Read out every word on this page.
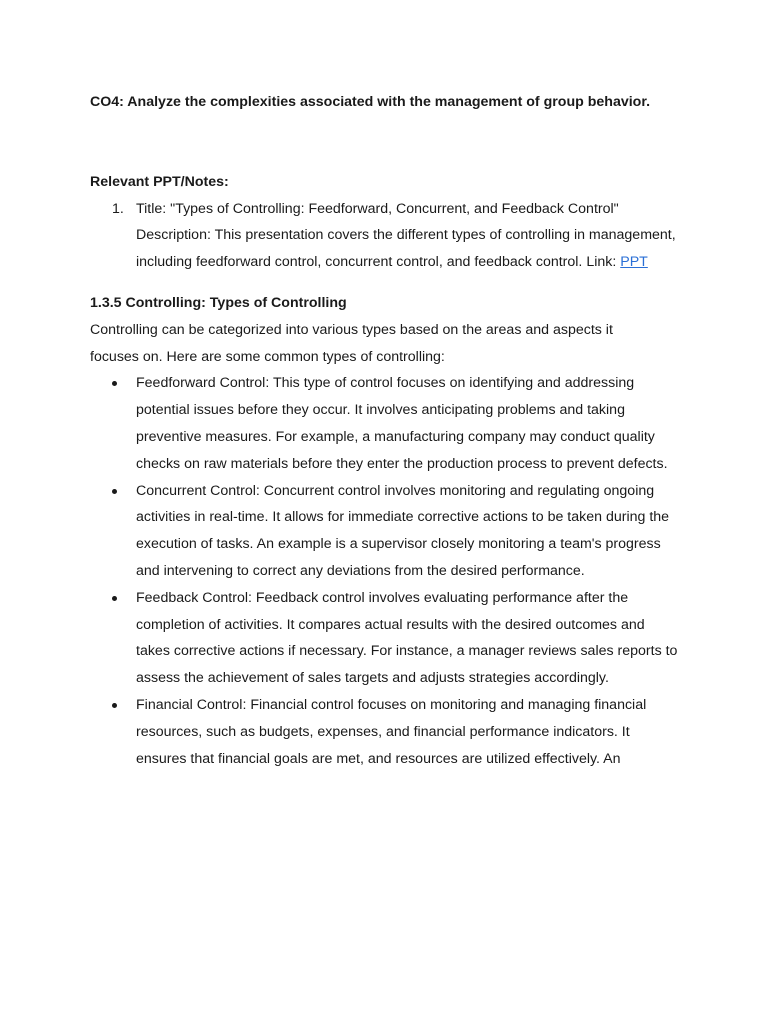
CO4: Analyze the complexities associated with the management of group behavior.

Relevant PPT/Notes:

1. Title: "Types of Controlling: Feedforward, Concurrent, and Feedback Control" Description: This presentation covers the different types of controlling in management, including feedforward control, concurrent control, and feedback control. Link: PPT

1.3.5 Controlling: Types of Controlling

Controlling can be categorized into various types based on the areas and aspects it focuses on. Here are some common types of controlling:

Feedforward Control: This type of control focuses on identifying and addressing potential issues before they occur. It involves anticipating problems and taking preventive measures. For example, a manufacturing company may conduct quality checks on raw materials before they enter the production process to prevent defects.
Concurrent Control: Concurrent control involves monitoring and regulating ongoing activities in real-time. It allows for immediate corrective actions to be taken during the execution of tasks. An example is a supervisor closely monitoring a team's progress and intervening to correct any deviations from the desired performance.
Feedback Control: Feedback control involves evaluating performance after the completion of activities. It compares actual results with the desired outcomes and takes corrective actions if necessary. For instance, a manager reviews sales reports to assess the achievement of sales targets and adjusts strategies accordingly.
Financial Control: Financial control focuses on monitoring and managing financial resources, such as budgets, expenses, and financial performance indicators. It ensures that financial goals are met, and resources are utilized effectively. An
